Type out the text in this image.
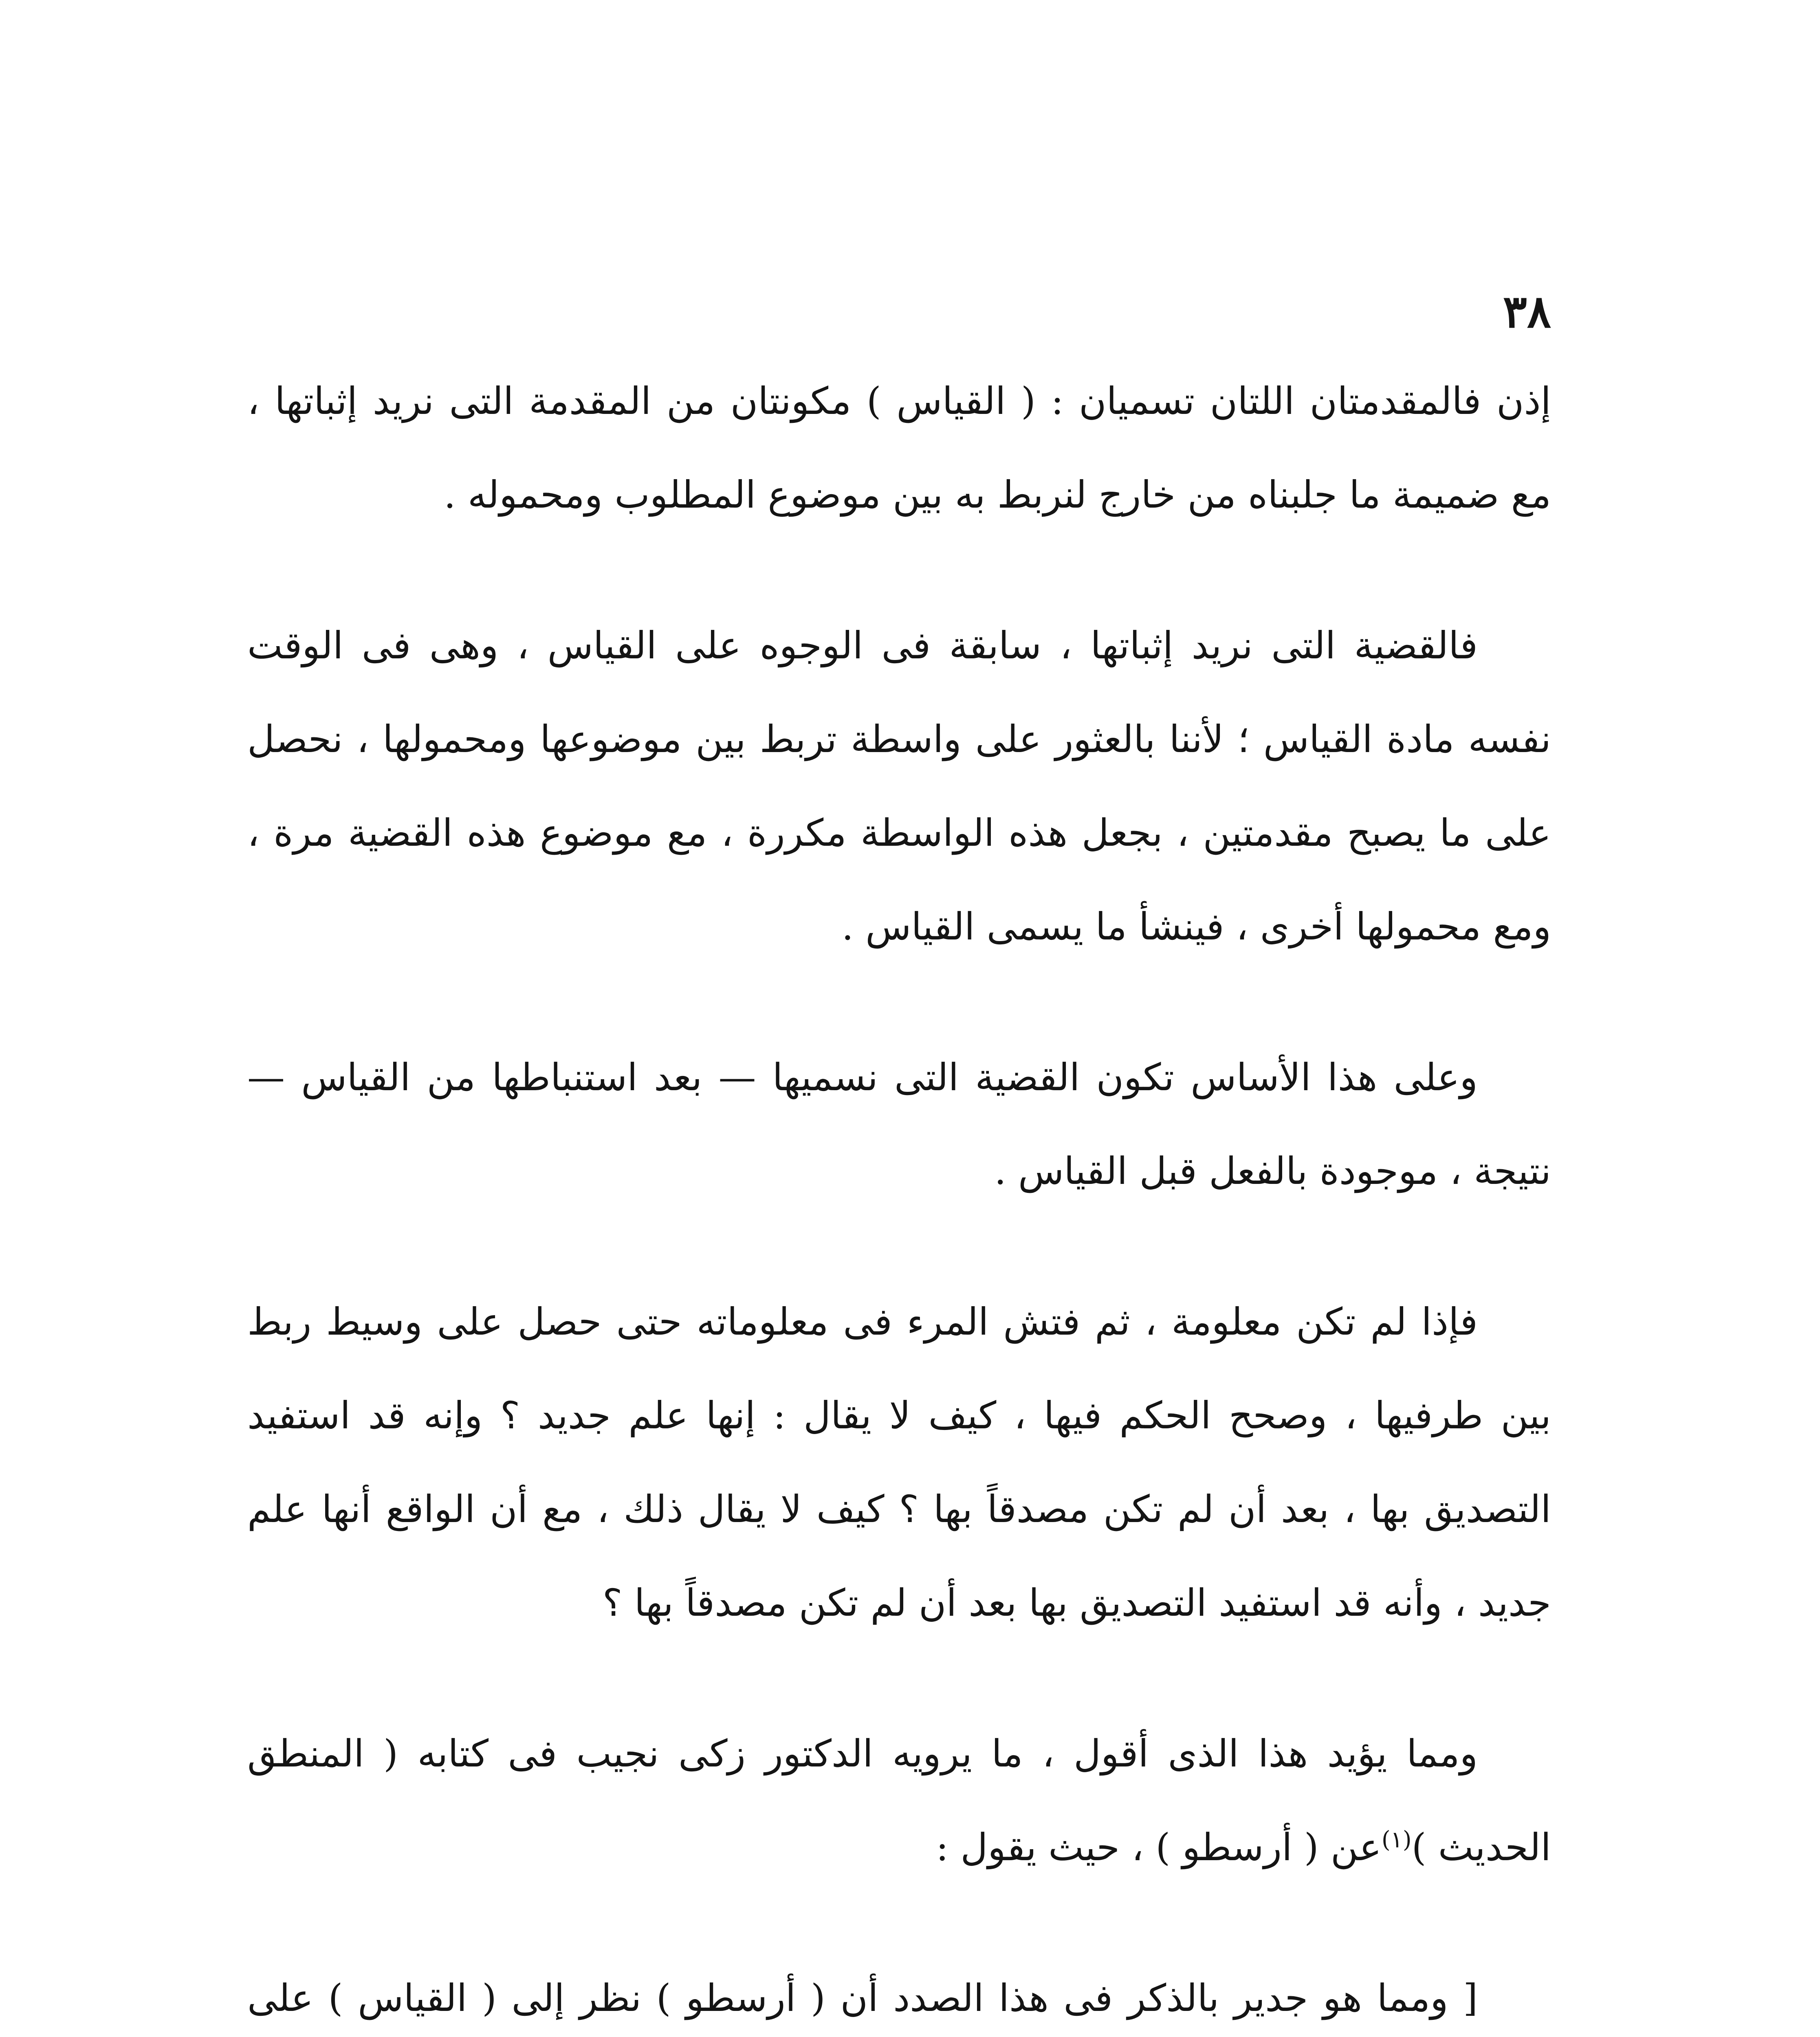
٣٨

إذن فالمقدمتان اللتان تسميان : ( القياس ) مكونتان من المقدمة التى نريد إثباتها ، مع ضميمة ما جلبناه من خارج لنربط به بين موضوع المطلوب ومحموله .

فالقضية التى نريد إثباتها ، سابقة فى الوجوه على القياس ، وهى فى الوقت نفسه مادة القياس ؛ لأننا بالعثور على واسطة تربط بين موضوعها ومحمولها ، نحصل على ما يصبح مقدمتين ، بجعل هذه الواسطة مكررة ، مع موضوع هذه القضية مرة ، ومع محمولها أخرى ، فينشأ ما يسمى القياس .

وعلى هذا الأساس تكون القضية التى نسميها — بعد استنباطها من القياس — نتيجة ، موجودة بالفعل قبل القياس .

فإذا لم تكن معلومة ، ثم فتش المرء فى معلوماته حتى حصل على وسيط ربط بين طرفيها ، وصحح الحكم فيها ، كيف لا يقال : إنها علم جديد ؟ وإنه قد استفيد التصديق بها ، بعد أن لم تكن مصدقاً بها ؟ كيف لا يقال ذلك ، مع أن الواقع أنها علم جديد ، وأنه قد استفيد التصديق بها بعد أن لم تكن مصدقاً بها ؟

ومما يؤيد هذا الذى أقول ، ما يرويه الدكتور زكى نجيب فى كتابه ( المنطق الحديث )$^{(١)}$عن ( أرسطو ) ، حيث يقول :

[ ومما هو جدير بالذكر فى هذا الصدد أن ( أرسطو ) نظر إلى ( القياس ) على
